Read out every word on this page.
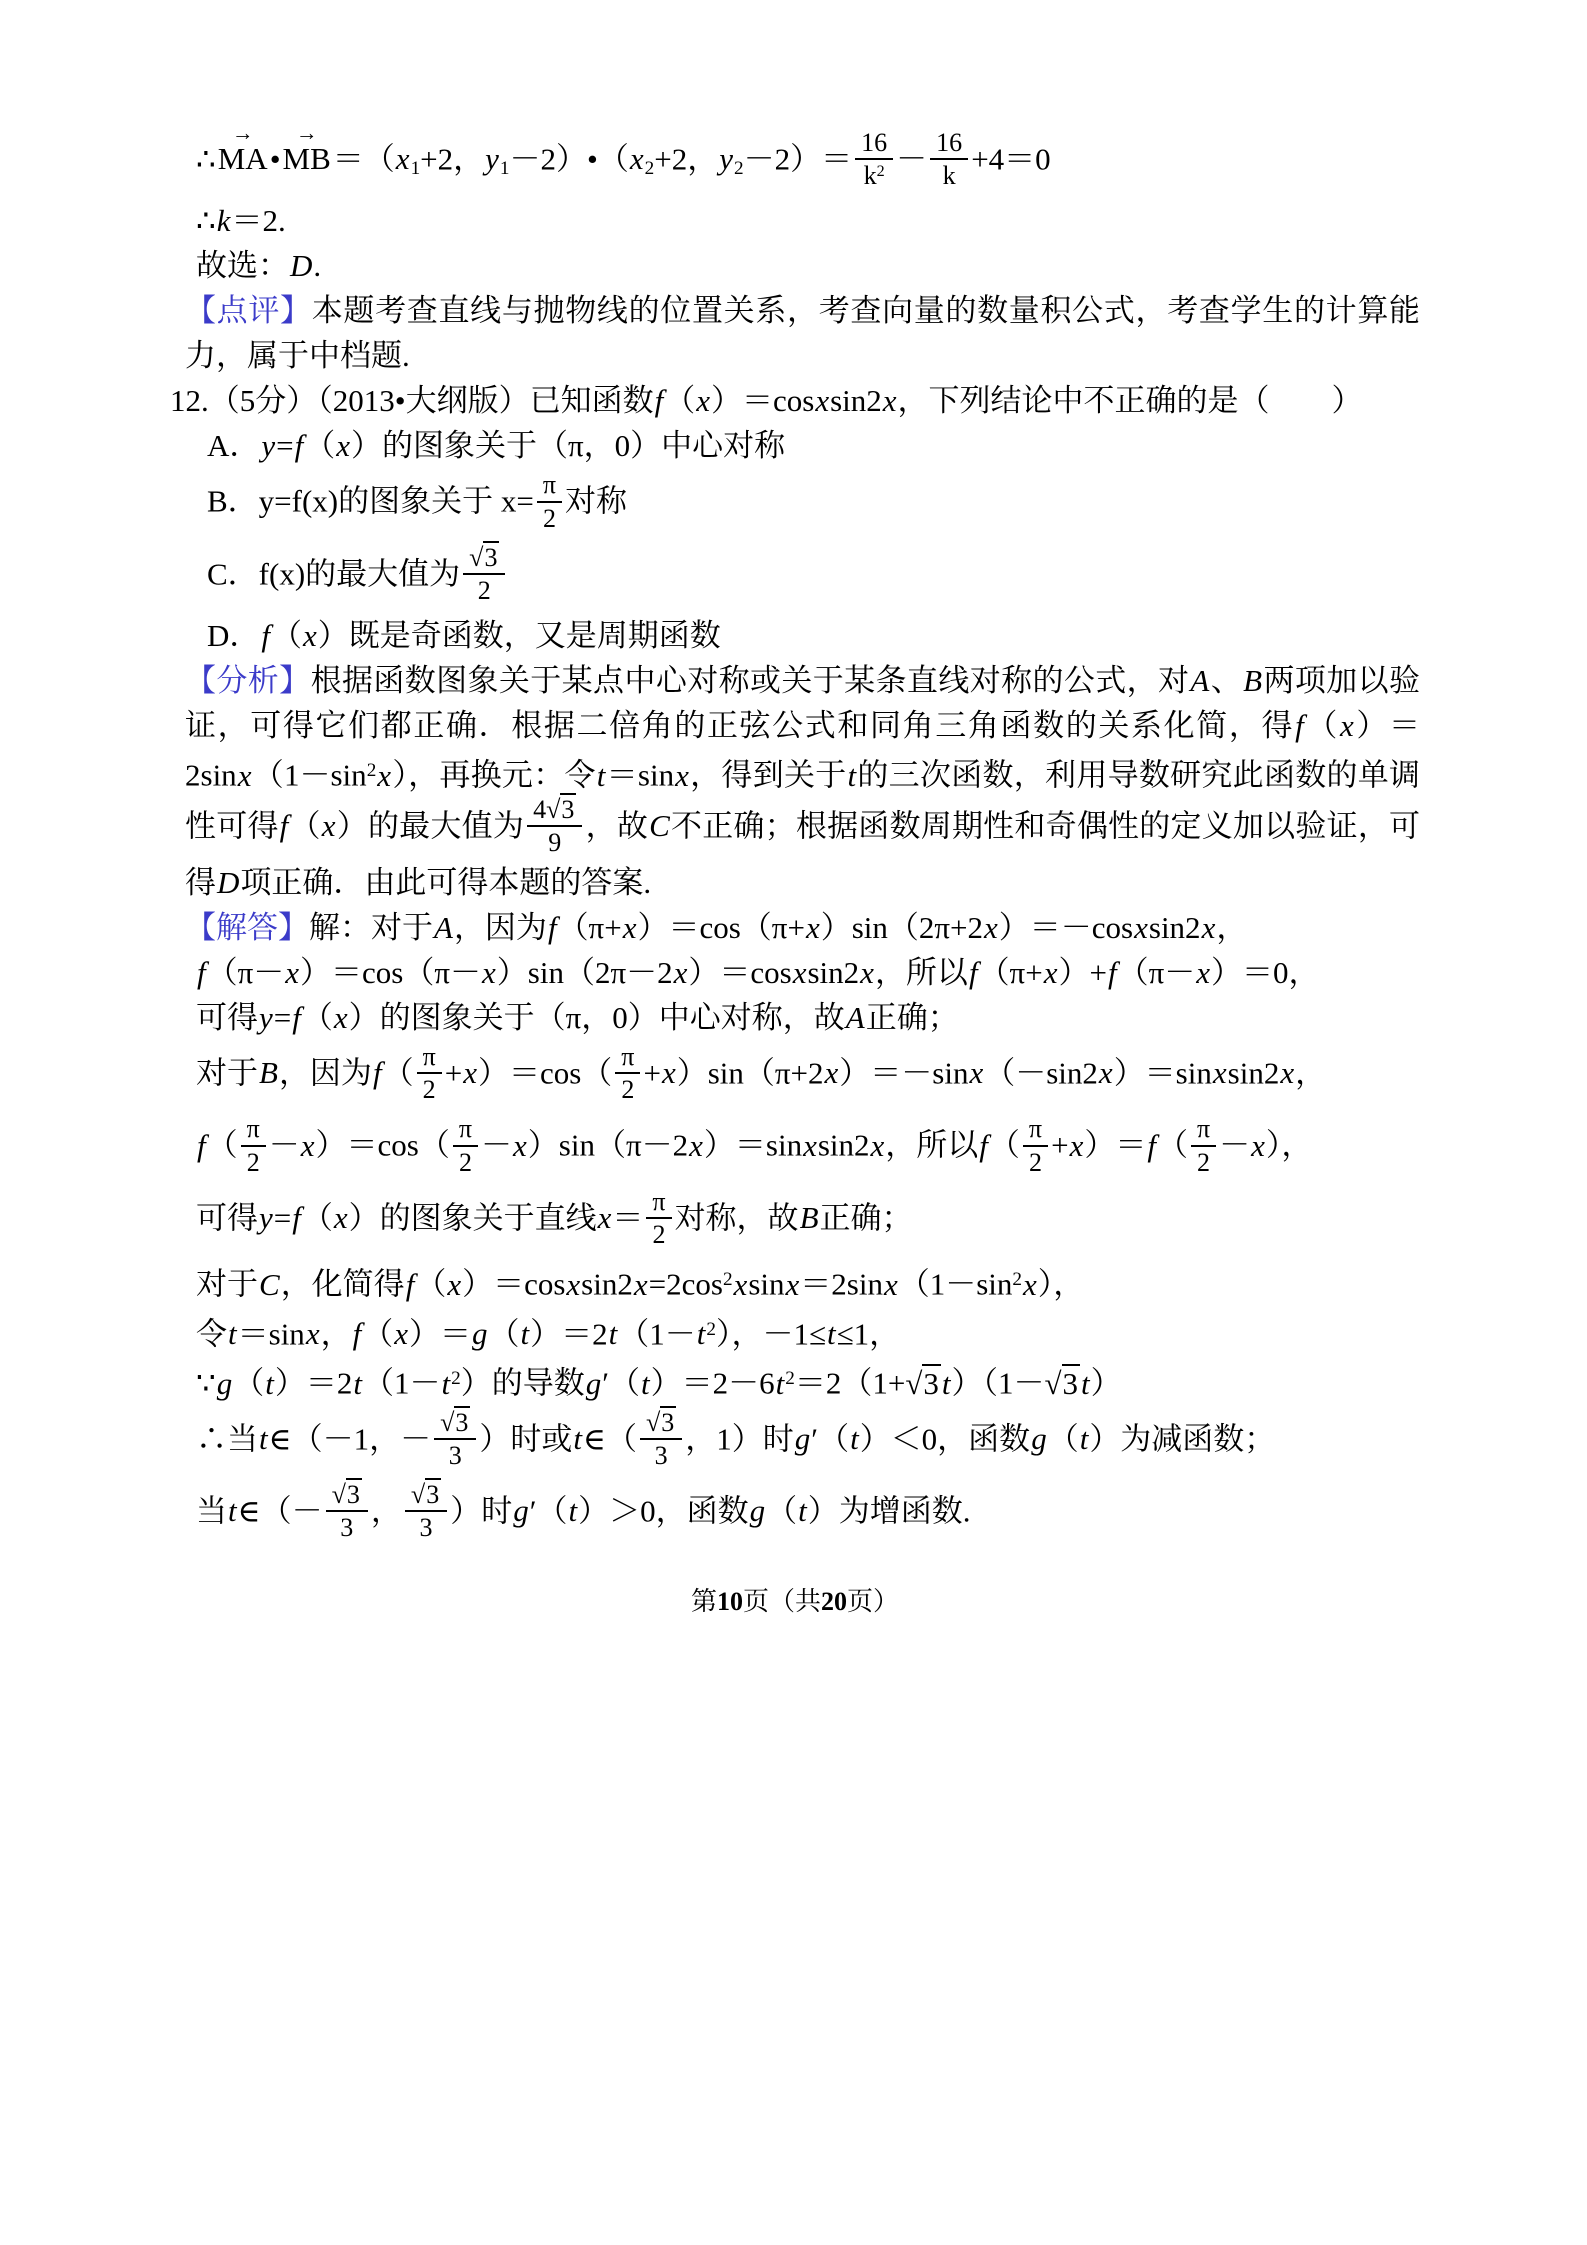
∴
→
MA•
→
$MB=(x_1+2$，$y_1-2)•(x_2+2$，$y_2-2)= \frac{16}{k^2} - \frac{16}{k} +4=0$
∴k＝2.
故选：D.
【点评】本题考查直线与抛物线的位置关系，考查向量的数量积公式，考查学生的计算能力，属于中档题.
12.（5分）（2013•大纲版）已知函数f（x）＝cosxsin2x，下列结论中不正确的是（　　）
A．y=f（x）的图象关于（π，0）中心对称
B．y=f(x)的图象关于 $x= \frac{\pi}{2}$ 对称
C．f(x)的最大值为 $\frac{√3}{2}$
D．f（x）既是奇函数，又是周期函数
【分析】根据函数图象关于某点中心对称或关于某条直线对称的公式，对A、B两项加以验证，可得它们都正确．根据二倍角的正弦公式和同角三角函数的关系化简，得$f(x)=2\sin x(1-\sin^2x)$，再换元：令t＝sinx，得到关于t的三次函数，利用导数研究此函数的单调性可得f（x）的最大值为 $\frac{4√3}{9}$ ，故C不正确；根据函数周期性和奇偶性的定义加以验证，可得D项正确．由此可得本题的答案.
【解答】解：对于A，因为f（π+x）＝cos（π+x）sin（2π+2x）＝－cosxsin2x，
f（π－x）＝cos（π－x）sin（2π－2x）＝cosxsin2x，所以f（π+x）+f（π－x）＝0，
可得y=f（x）的图象关于（π，0）中心对称，故A正确；
对于B，因为$f( \frac{\pi}{2} +x)=\cos( \frac{\pi}{2}$ +x）sin（π+2x）＝－sinx（－sin2x）＝sinxsin2x，
$f( \frac{\pi}{2} -x)=\cos( \frac{\pi}{2}$ －x）sin（π－2x）＝sinxsin2x，所以$f( \frac{\pi}{2} +x)=f( \frac{\pi}{2} -x)$，
可得y=f（x）的图象关于直线$x= \frac{\pi}{2}$ 对称，故B正确；
对于C，化简得$f(x)=cosxsin2x=2\cos^2xsinx=2\sin x(1-\sin^2x)$，
令t＝sinx，$f(x)=g(t)=2t(1-t^2)$，－1≤t≤1，
$\because g(t)=2t(1-t^2)$的导数$g'(t)=2-6t^2=2(1+√3t)(1-√3t)$
∴当t∈（－1，－ $\frac{√3}{3}$ ）时或t∈（ $\frac{√3}{3}$ ，1）时g′（t）＜0，函数g（t）为减函数；
当t∈（－ $\frac{√3}{3}$ ， $\frac{√3}{3}$ ）时g′（t）＞0，函数g（t）为增函数.
第10页（共20页）
